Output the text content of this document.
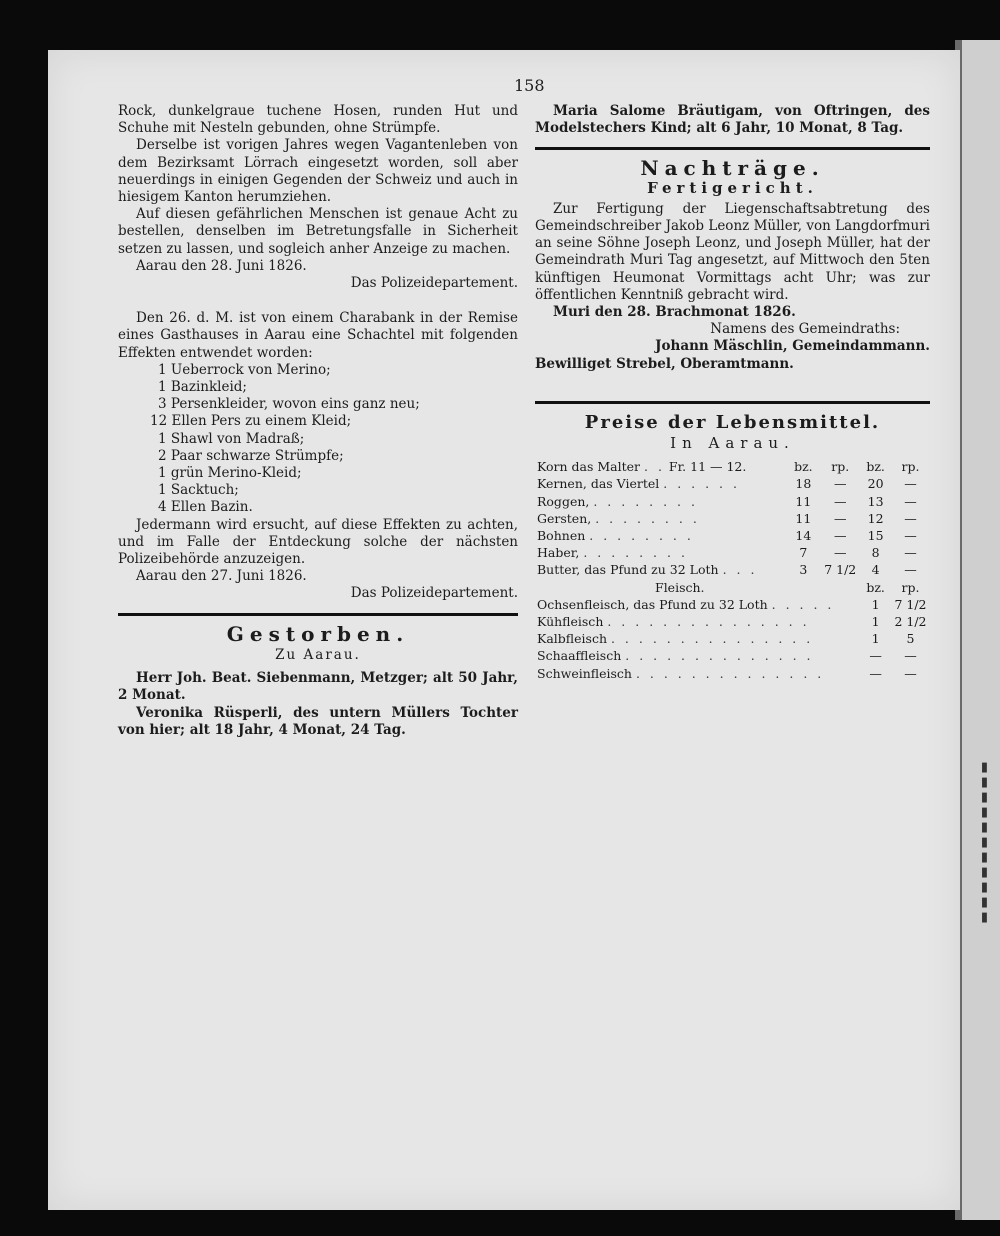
158

Rock, dunkelgraue tuchene Hosen, runden Hut und Schuhe mit Nesteln gebunden, ohne Strümpfe.

Derselbe ist vorigen Jahres wegen Vagantenleben von dem Bezirksamt Lörrach eingesetzt worden, soll aber neuerdings in einigen Gegenden der Schweiz und auch in hiesigem Kanton herumziehen.

Auf diesen gefährlichen Menschen ist genaue Acht zu bestellen, denselben im Betretungsfalle in Sicherheit setzen zu lassen, und sogleich anher Anzeige zu machen.

Aarau den 28. Juni 1826.

Das Polizeidepartement.

Den 26. d. M. ist von einem Charabank in der Remise eines Gasthauses in Aarau eine Schachtel mit folgenden Effekten entwendet worden:

1 Ueberrock von Merino;
1 Bazinkleid;
3 Persenkleider, wovon eins ganz neu;
12 Ellen Pers zu einem Kleid;
1 Shawl von Madraß;
2 Paar schwarze Strümpfe;
1 grün Merino-Kleid;
1 Sacktuch;
4 Ellen Bazin.

Jedermann wird ersucht, auf diese Effekten zu achten, und im Falle der Entdeckung solche der nächsten Polizeibehörde anzuzeigen.

Aarau den 27. Juni 1826.

Das Polizeidepartement.

Gestorben.
Zu Aarau.

Herr Joh. Beat. Siebenmann, Metzger; alt 50 Jahr, 2 Monat.

Veronika Rüsperli, des untern Müllers Tochter von hier; alt 18 Jahr, 4 Monat, 24 Tag.

Maria Salome Bräutigam, von Oftringen, des Modelstechers Kind; alt 6 Jahr, 10 Monat, 8 Tag.

Nachträge.
Fertigericht.

Zur Fertigung der Liegenschaftsabtretung des Gemeindschreiber Jakob Leonz Müller, von Langdorfmuri an seine Söhne Joseph Leonz, und Joseph Müller, hat der Gemeindrath Muri Tag angesetzt, auf Mittwoch den 5ten künftigen Heumonat Vormittags acht Uhr; was zur öffentlichen Kenntniß gebracht wird.

Muri den 28. Brachmonat 1826.

Namens des Gemeindraths:

Johann Mäschlin, Gemeindammann.

Bewilliget Strebel, Oberamtmann.

Preise der Lebensmittel.
In Aarau.
Korn das Malter . . Fr. 11 — 12.	bz.	rp.	bz.	rp.
Kernen, das Viertel . . . . . .	18	—	20	—
Roggen, . . . . . . . .	11	—	13	—
Gersten, . . . . . . . .	11	—	12	—
Bohnen . . . . . . . .	14	—	15	—
Haber, . . . . . . . .	7	—	8	—
Butter, das Pfund zu 32 Loth . . .	3	7 1/2	4	—
Fleisch.			bz.	rp.
Ochsenfleisch, das Pfund zu 32 Loth . . . . .			1	7 1/2
Kühfleisch . . . . . . . . . . . . . . .			1	2 1/2
Kalbfleisch . . . . . . . . . . . . . . .			1	5
Schaaffleisch . . . . . . . . . . . . . .			—	—
Schweinfleisch . . . . . . . . . . . . . .			—	—
